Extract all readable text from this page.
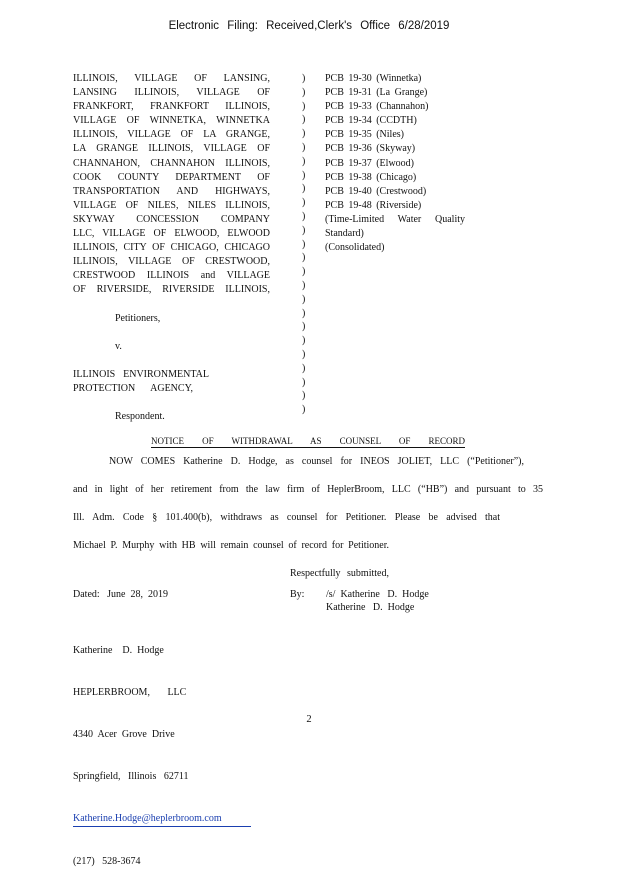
Electronic Filing: Received,Clerk's Office 6/28/2019
ILLINOIS, VILLAGE OF LANSING,
LANSING ILLINOIS, VILLAGE OF
FRANKFORT, FRANKFORT ILLINOIS,
VILLAGE OF WINNETKA, WINNETKA
ILLINOIS, VILLAGE OF LA GRANGE,
LA GRANGE ILLINOIS, VILLAGE OF
CHANNAHON, CHANNAHON ILLINOIS,
COOK COUNTY DEPARTMENT OF
TRANSPORTATION AND HIGHWAYS,
VILLAGE OF NILES, NILES ILLINOIS,
SKYWAY CONCESSION COMPANY
LLC, VILLAGE OF ELWOOD, ELWOOD
ILLINOIS, CITY OF CHICAGO, CHICAGO
ILLINOIS, VILLAGE OF CRESTWOOD,
CRESTWOOD ILLINOIS and VILLAGE
OF RIVERSIDE, RIVERSIDE ILLINOIS,
Petitioners,
v.
ILLINOIS ENVIRONMENTAL
PROTECTION AGENCY,
Respondent.
)
)
)
)
)
)
)
)
)
)
)
)
)
)
)
)
)
)
)
)
)
)
)
)
)
PCB 19-30 (Winnetka)
PCB 19-31 (La Grange)
PCB 19-33 (Channahon)
PCB 19-34 (CCDTH)
PCB 19-35 (Niles)
PCB 19-36 (Skyway)
PCB 19-37 (Elwood)
PCB 19-38 (Chicago)
PCB 19-40 (Crestwood)
PCB 19-48 (Riverside)
(Time-Limited Water Quality
Standard)
(Consolidated)
NOTICE OF WITHDRAWAL AS COUNSEL OF RECORD
NOW COMES Katherine D. Hodge, as counsel for INEOS JOLIET, LLC (“Petitioner”),
and in light of her retirement from the law firm of HeplerBroom, LLC (“HB”) and pursuant to 35
Ill. Adm. Code § 101.400(b), withdraws as counsel for Petitioner. Please be advised that
Michael P. Murphy with HB will remain counsel of record for Petitioner.
Respectfully submitted,
Dated:   June  28,  2019	By: /s/  Katherine   D.  Hodge
Katherine   D.  Hodge

Katherine    D.  Hodge

HEPLERBROOM,       LLC

4340  Acer  Grove  Drive

Springfield,   Illinois   62711

Katherine.Hodge@heplerbroom.com

(217)   528-3674

2
